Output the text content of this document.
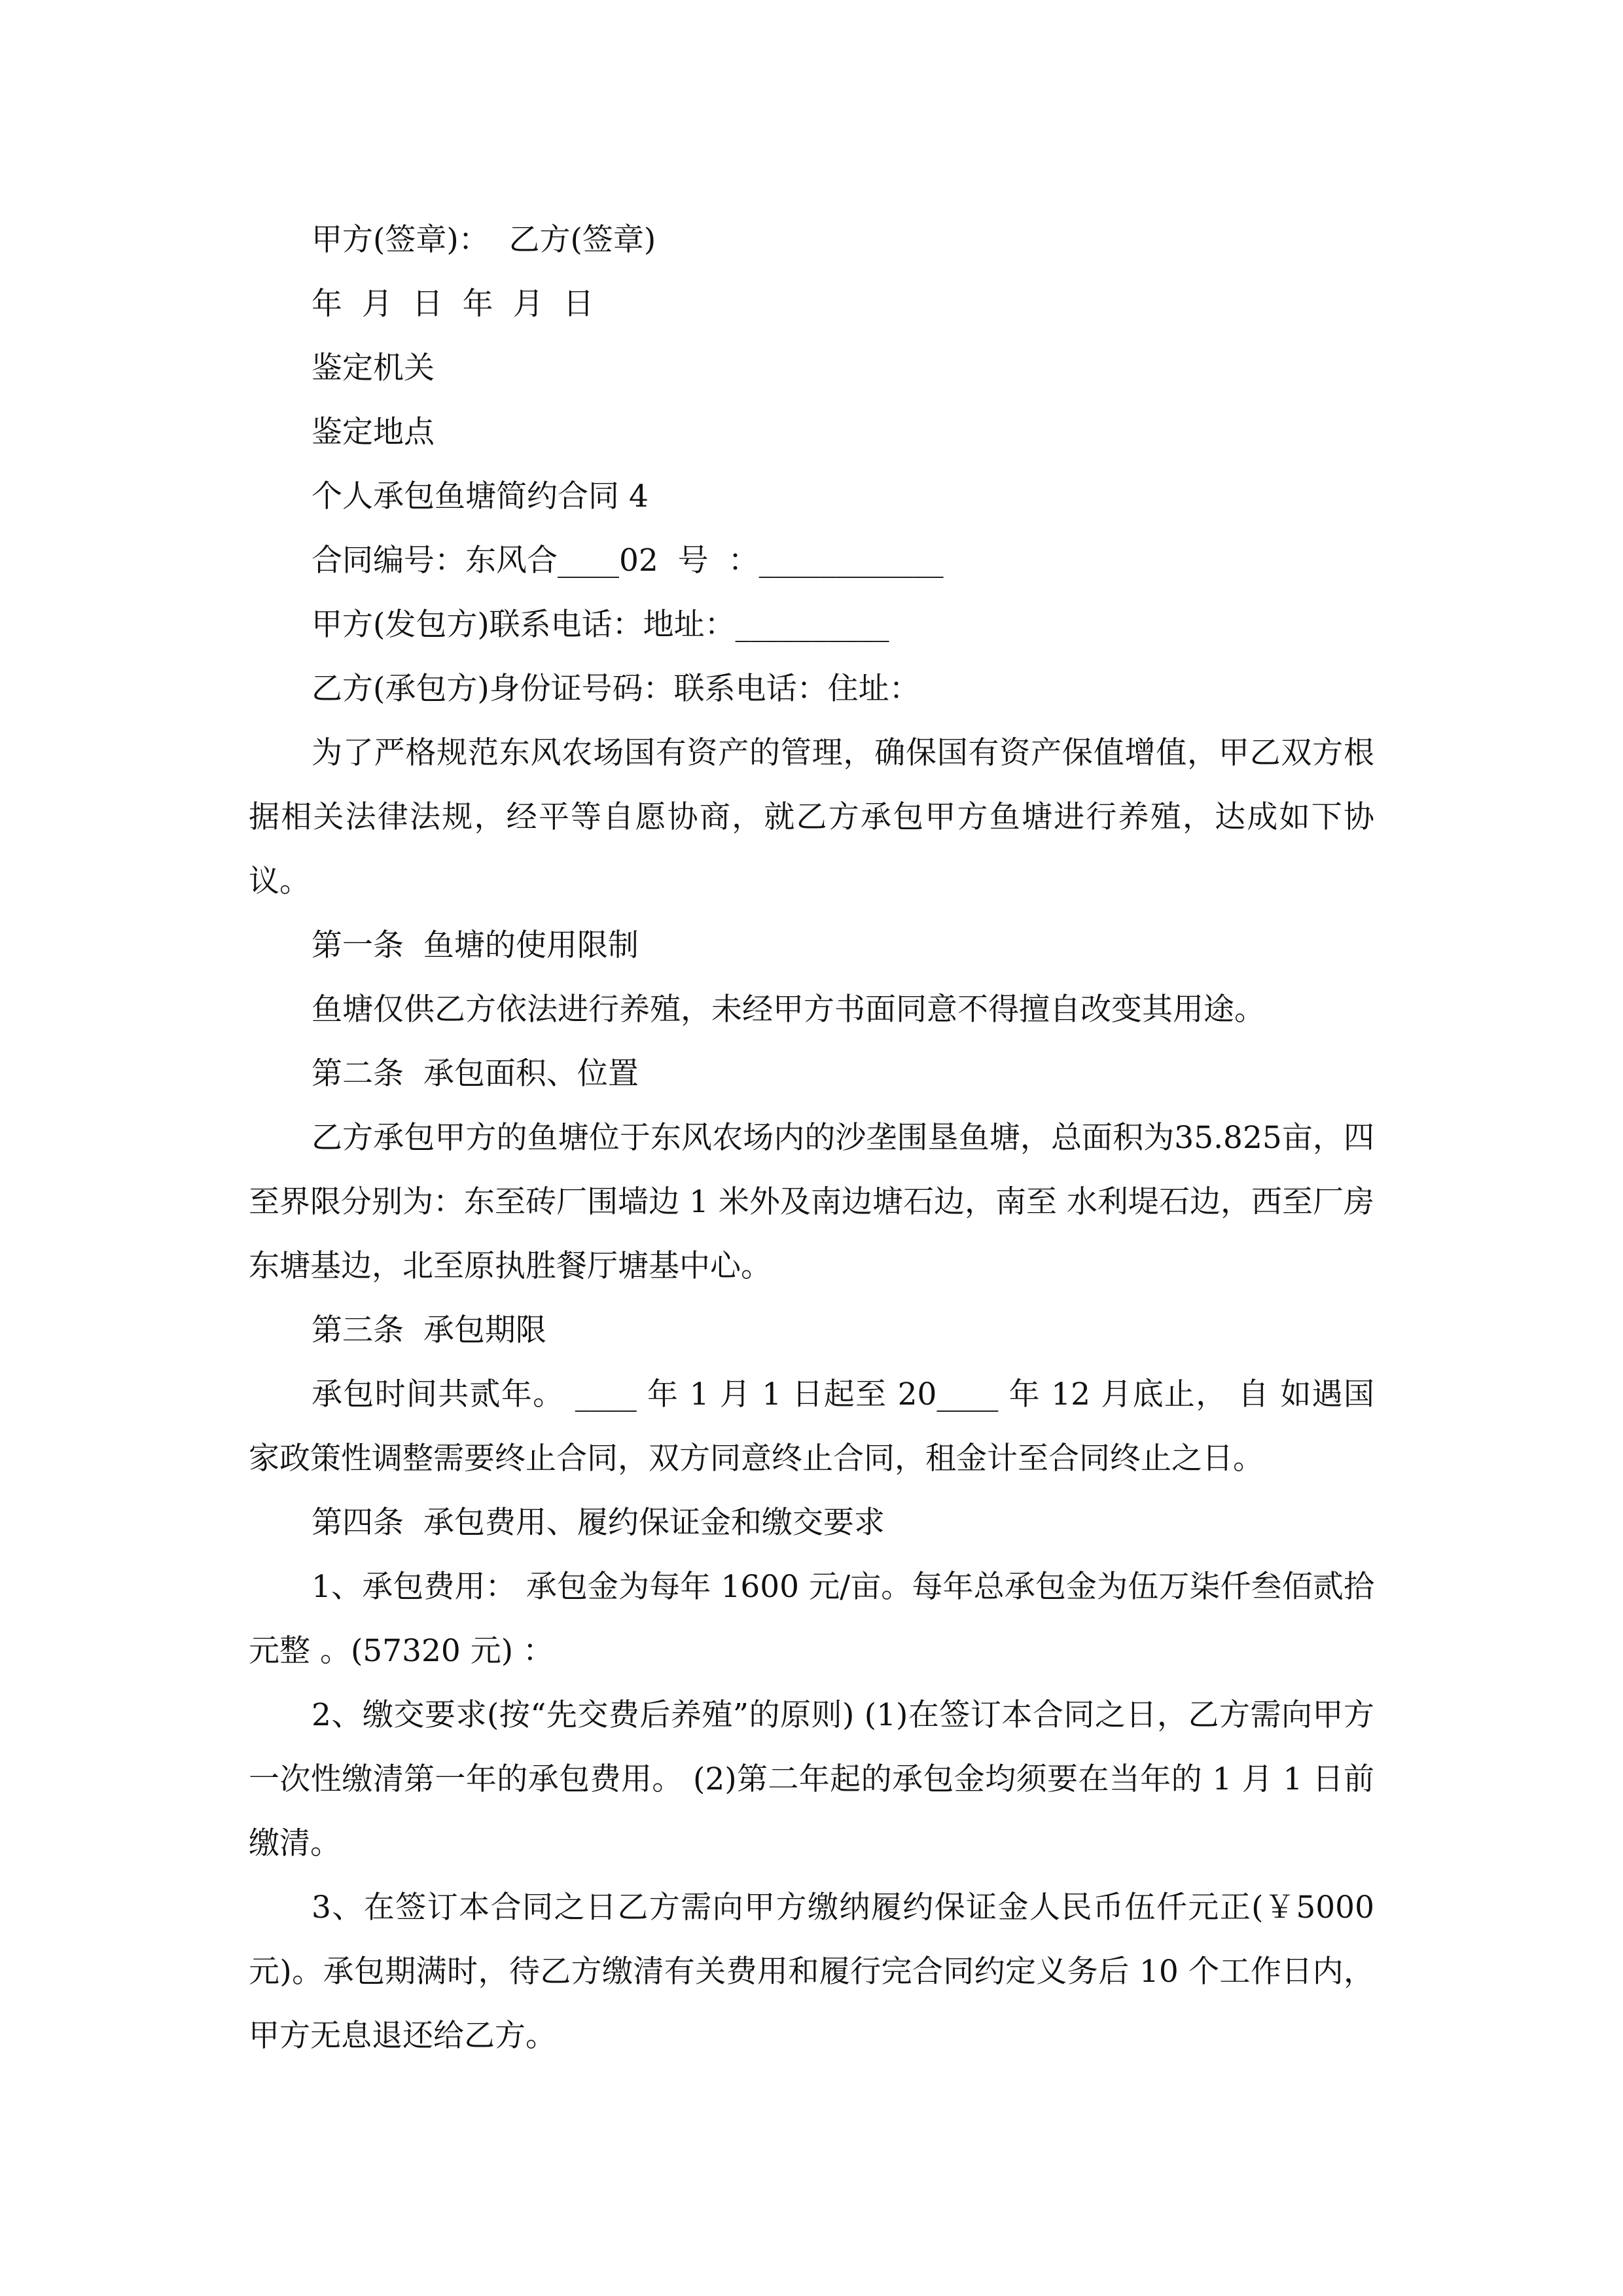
甲方(签章)：  乙方(签章)
年  月  日  年  月  日
鉴定机关
鉴定地点
个人承包鱼塘简约合同 4
合同编号：东风合____02  号  ：____________
甲方(发包方)联系电话：地址：__________
乙方(承包方)身份证号码：联系电话：住址：
为了严格规范东风农场国有资产的管理，确保国有资产保值增值，甲乙双方根据相关法律法规，经平等自愿协商，就乙方承包甲方鱼塘进行养殖，达成如下协议。
第一条  鱼塘的使用限制
鱼塘仅供乙方依法进行养殖，未经甲方书面同意不得擅自改变其用途。
第二条  承包面积、位置
乙方承包甲方的鱼塘位于东风农场内的沙垄围垦鱼塘，总面积为35.825亩，四至界限分别为：东至砖厂围墙边 1 米外及南边塘石边，南至 水利堤石边，西至厂房东塘基边，北至原执胜餐厅塘基中心。
第三条  承包期限
承包时间共贰年。 ____ 年 1 月 1 日起至 20____ 年 12 月底止， 自 如遇国家政策性调整需要终止合同，双方同意终止合同，租金计至合同终止之日。
第四条  承包费用、履约保证金和缴交要求
1、承包费用： 承包金为每年 1600 元/亩。每年总承包金为伍万柒仟叁佰贰拾元整 。(57320 元) ：
2、缴交要求(按“先交费后养殖”的原则) (1)在签订本合同之日，乙方需向甲方一次性缴清第一年的承包费用。 (2)第二年起的承包金均须要在当年的 1 月 1 日前缴清。
3、在签订本合同之日乙方需向甲方缴纳履约保证金人民币伍仟元正(￥5000元)。承包期满时，待乙方缴清有关费用和履行完合同约定义务后 10 个工作日内，甲方无息退还给乙方。
